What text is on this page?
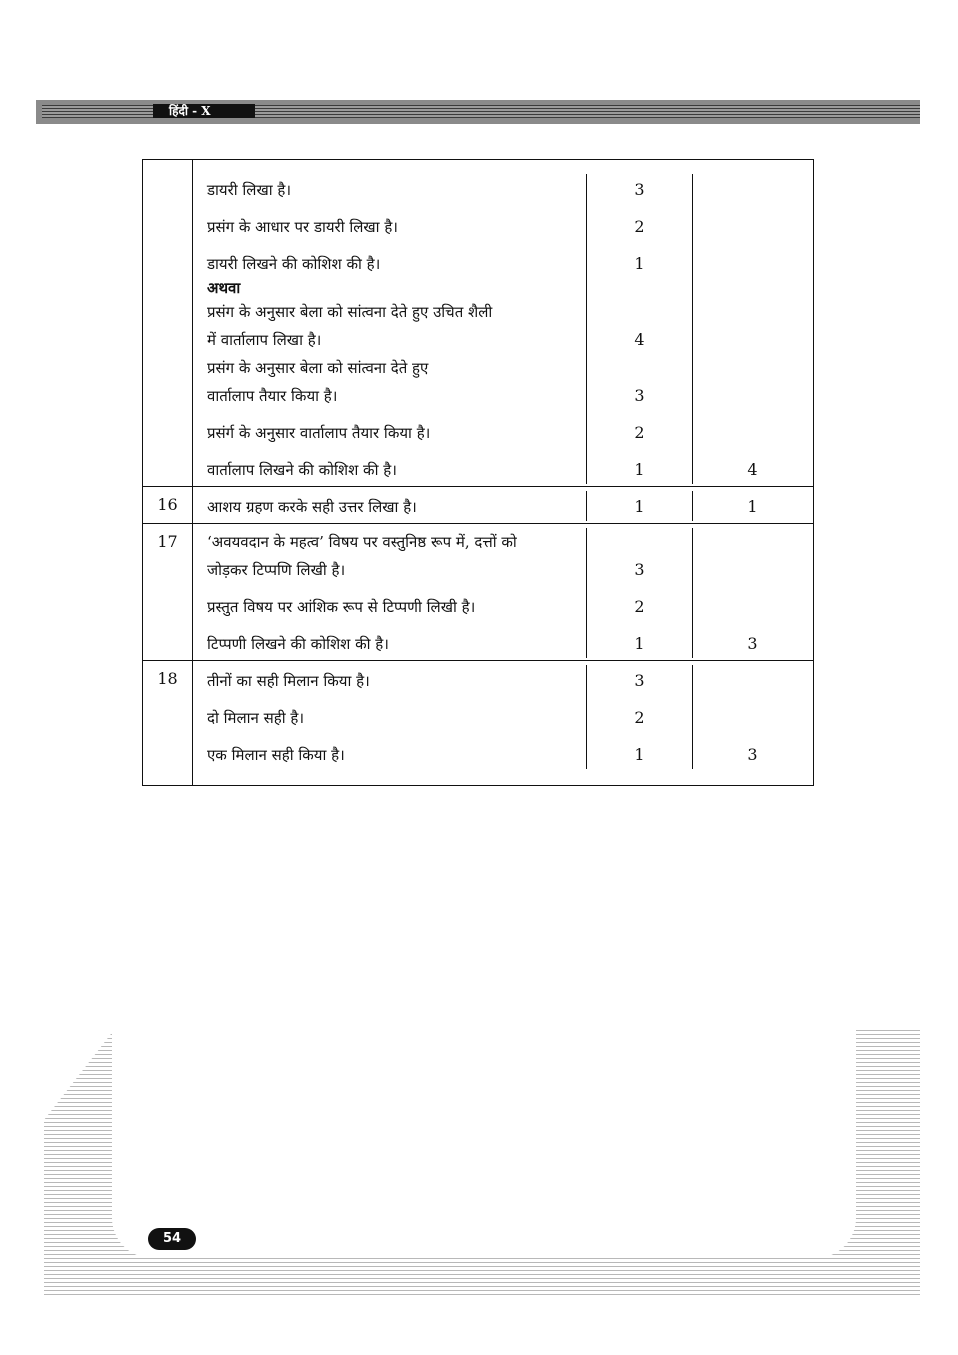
हिंदी - X
डायरी लिखा है।	3
प्रसंग के आधार पर डायरी लिखा है।	2
डायरी लिखने की कोशिश की है।	1
अथवा
प्रसंग के अनुसार बेला को सांत्वना देते हुए उचित शैली
में वार्तालाप लिखा है।	4
प्रसंग के अनुसार बेला को सांत्वना देते हुए
वार्तालाप तैयार किया है।	3
प्रसंर्ग के अनुसार वार्तालाप तैयार किया है।	2
वार्तालाप लिखने की कोशिश की है।	1	4
16	आशय ग्रहण करके सही उत्तर लिखा है।	1	1
17	‘अवयवदान के महत्व’ विषय पर वस्तुनिष्ठ रूप में, दत्तों को
जोड़कर टिप्पणि लिखी है।	3
प्रस्तुत विषय पर आंशिक रूप से टिप्पणी लिखी है।	2
टिप्पणी लिखने की कोशिश की है।	1	3
18	तीनों का सही मिलान किया है।	3
दो मिलान सही है।	2
एक मिलान सही किया है।	1	3
54
